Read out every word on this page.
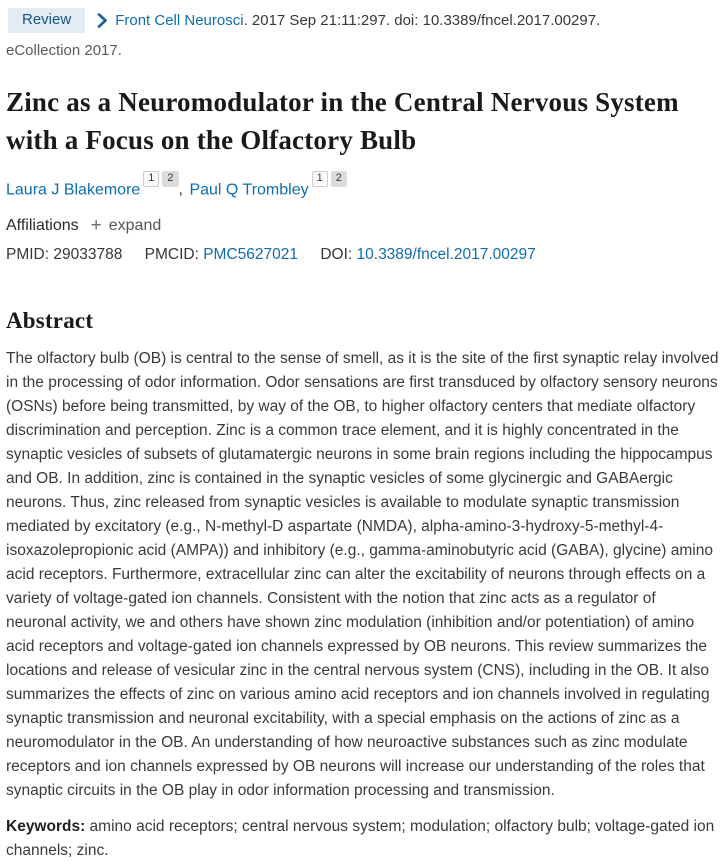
Review	Front Cell Neurosci. 2017 Sep 21:11:297. doi: 10.3389/fncel.2017.00297.
eCollection 2017.
Zinc as a Neuromodulator in the Central Nervous System with a Focus on the Olfactory Bulb
Laura J Blakemore$^1$ $^2$, Paul Q Trombley$^1$ $^2$
Affiliations + expand
PMID: 29033788 PMCID: PMC5627021 DOI: 10.3389/fncel.2017.00297
Abstract

The olfactory bulb (OB) is central to the sense of smell, as it is the site of the first synaptic relay involved in the processing of odor information. Odor sensations are first transduced by olfactory sensory neurons (OSNs) before being transmitted, by way of the OB, to higher olfactory centers that mediate olfactory discrimination and perception. Zinc is a common trace element, and it is highly concentrated in the synaptic vesicles of subsets of glutamatergic neurons in some brain regions including the hippocampus and OB. In addition, zinc is contained in the synaptic vesicles of some glycinergic and GABAergic neurons. Thus, zinc released from synaptic vesicles is available to modulate synaptic transmission mediated by excitatory (e.g., N-methyl-D aspartate (NMDA), alpha-amino-3-hydroxy-5-methyl-4-isoxazolepropionic acid (AMPA)) and inhibitory (e.g., gamma-aminobutyric acid (GABA), glycine) amino acid receptors. Furthermore, extracellular zinc can alter the excitability of neurons through effects on a variety of voltage-gated ion channels. Consistent with the notion that zinc acts as a regulator of neuronal activity, we and others have shown zinc modulation (inhibition and/or potentiation) of amino acid receptors and voltage-gated ion channels expressed by OB neurons. This review summarizes the locations and release of vesicular zinc in the central nervous system (CNS), including in the OB. It also summarizes the effects of zinc on various amino acid receptors and ion channels involved in regulating synaptic transmission and neuronal excitability, with a special emphasis on the actions of zinc as a neuromodulator in the OB. An understanding of how neuroactive substances such as zinc modulate receptors and ion channels expressed by OB neurons will increase our understanding of the roles that synaptic circuits in the OB play in odor information processing and transmission.

Keywords: amino acid receptors; central nervous system; modulation; olfactory bulb; voltage-gated ion channels; zinc.
